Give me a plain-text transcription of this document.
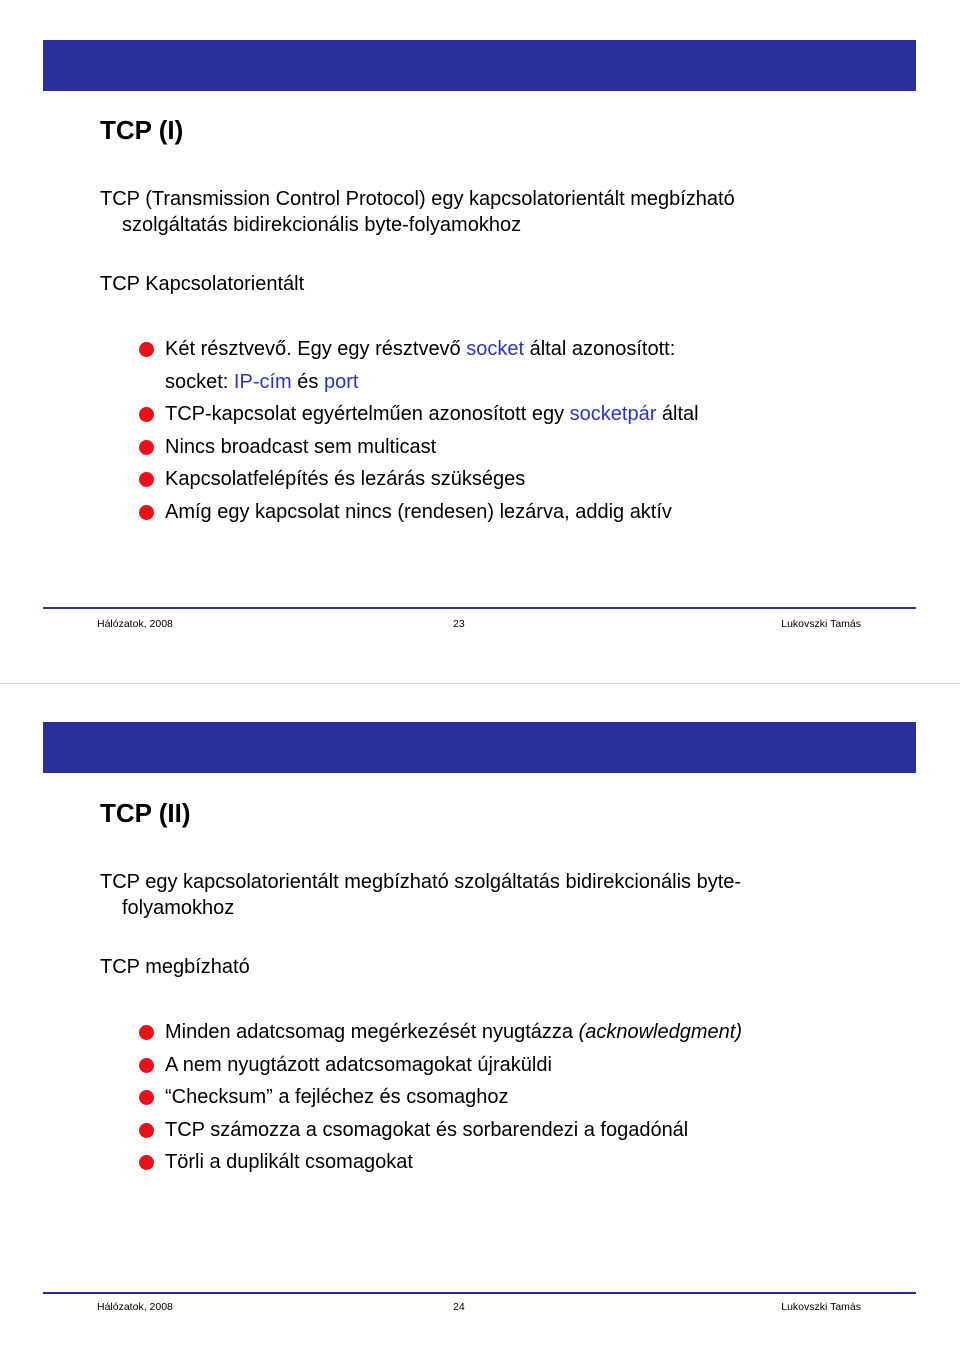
TCP (I)
TCP (Transmission Control Protocol) egy kapcsolatorientált megbízható
szolgáltatás bidirekcionális byte-folyamokhoz

TCP Kapcsolatorientált

Két résztvevő. Egy egy résztvevő socket által azonosított:
socket: IP-cím és port
TCP-kapcsolat egyértelműen azonosított egy socketpár által
Nincs broadcast sem multicast
Kapcsolatfelépítés és lezárás szükséges
Amíg egy kapcsolat nincs (rendesen) lezárva, addig aktív
Hálózatok, 2008	23	Lukovszki Tamás
TCP (II)
TCP egy kapcsolatorientált megbízható szolgáltatás bidirekcionális byte-
folyamokhoz

TCP megbízható

Minden adatcsomag megérkezését nyugtázza (acknowledgment)
A nem nyugtázott adatcsomagokat újraküldi
“Checksum” a fejléchez és csomaghoz
TCP számozza a csomagokat és sorbarendezi a fogadónál
Törli a duplikált csomagokat
Hálózatok, 2008	24	Lukovszki Tamás
